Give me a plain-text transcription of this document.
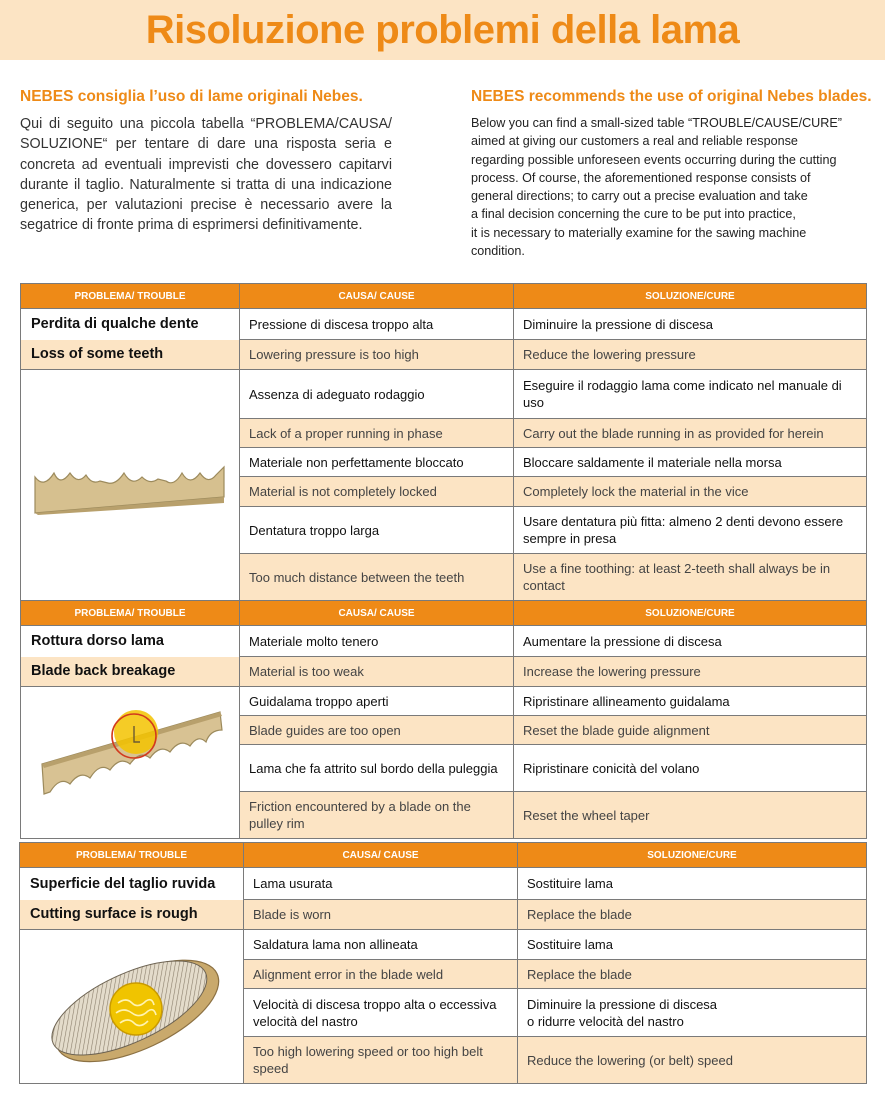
Risoluzione problemi della lama
NEBES consiglia l’uso di lame originali Nebes.

Qui di seguito una piccola tabella “PROBLEMA/CAUSA/ SOLUZIONE“ per tentare di dare una risposta seria e concreta ad eventuali imprevisti che dovessero capitarvi durante il taglio. Naturalmente si tratta di una indicazione generica, per valutazioni precise è necessario avere la segatrice di fronte prima di esprimersi definitivamente.

NEBES recommends the use of original Nebes blades.

Below you can find a small-sized table “TROUBLE/CAUSE/CURE”
aimed at giving our customers a real and reliable response
regarding possible unforeseen events occurring during the cutting
process. Of course, the aforementioned response consists of
general directions; to carry out a precise evaluation and take
a final decision concerning the cure to be put into practice,
it is necessary to materially examine for the sawing machine
condition.

PROBLEMA/ TROUBLE	CAUSA/ CAUSE	SOLUZIONE/CURE
Perdita di qualche dente	Pressione di discesa troppo alta	Diminuire la pressione di discesa
Loss of some teeth	Lowering pressure is too high	Reduce the lowering pressure

	Assenza di adeguato rodaggio	Eseguire il rodaggio lama come indicato nel manuale di uso
	Lack of a proper running in phase	Carry out the blade running in as provided for herein
	Materiale non perfettamente bloccato	Bloccare saldamente il materiale nella morsa
	Material is not completely locked	Completely lock the material in the vice
	Dentatura troppo larga	Usare dentatura più fitta: almeno 2 denti devono essere sempre in presa
	Too much distance between the teeth	Use a fine toothing: at least 2-teeth shall always be in contact
PROBLEMA/ TROUBLE	CAUSA/ CAUSE	SOLUZIONE/CURE
Rottura dorso lama	Materiale molto tenero	Aumentare la pressione di discesa
Blade back breakage	Material is too weak	Increase the lowering pressure

	Guidalama troppo aperti	Ripristinare allineamento guidalama
	Blade guides are too open	Reset the blade guide alignment
	Lama che fa attrito sul bordo della puleggia	Ripristinare conicità del volano
	Friction encountered by a blade on the pulley rim	Reset the wheel taper
PROBLEMA/ TROUBLE	CAUSA/ CAUSE	SOLUZIONE/CURE
Superficie del taglio ruvida	Lama usurata	Sostituire lama
Cutting surface is rough	Blade is worn	Replace the blade

	Saldatura lama non allineata	Sostituire lama
	Alignment error in the blade weld	Replace the blade
	Velocità di discesa troppo alta o eccessiva velocità del nastro	Diminuire la pressione di discesa
o ridurre velocità del nastro
	Too high lowering speed or too high belt speed	Reduce the lowering (or belt) speed
